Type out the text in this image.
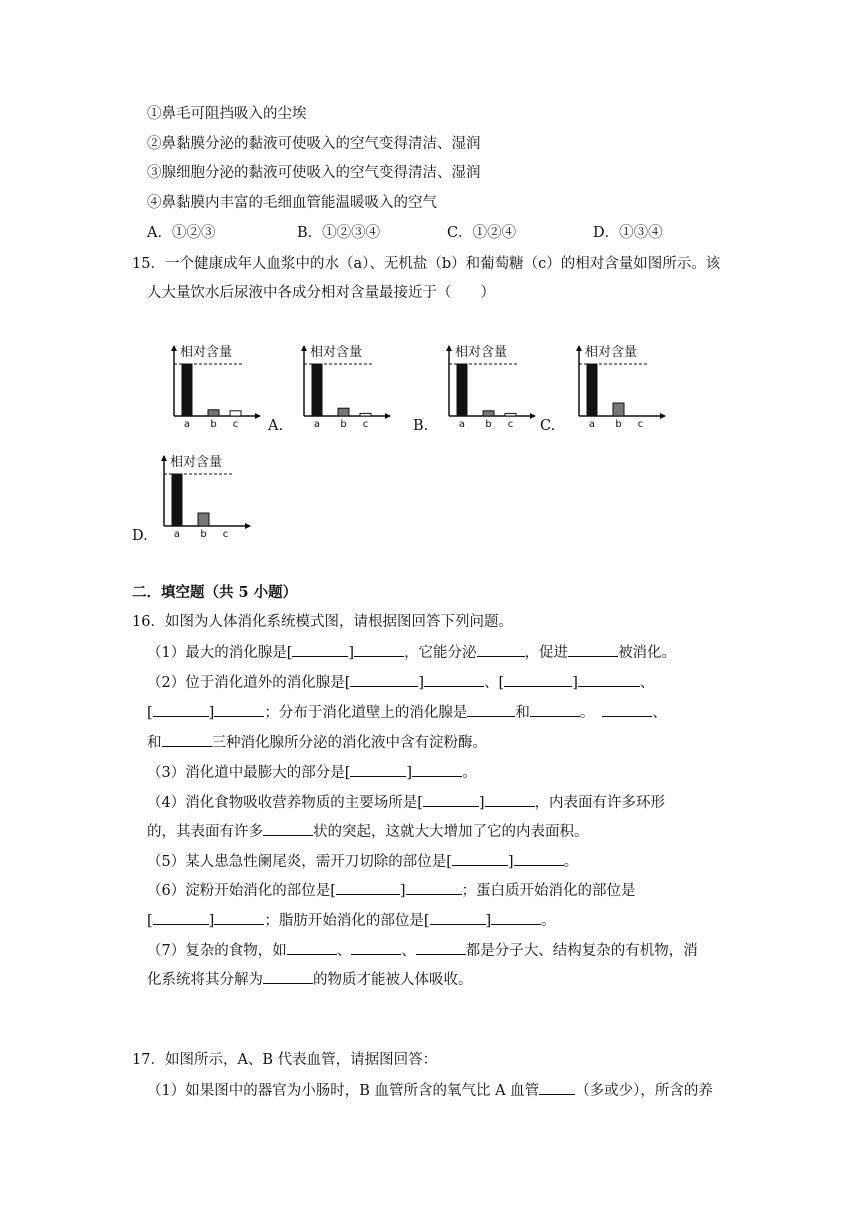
①鼻毛可阻挡吸入的尘埃
②鼻黏膜分泌的黏液可使吸入的空气变得清洁、湿润
③腺细胞分泌的黏液可使吸入的空气变得清洁、湿润
④鼻黏膜内丰富的毛细血管能温暖吸入的空气
A．①②③	B．①②③④	C．①②④	D．①③④
15．一个健康成年人血浆中的水（a）、无机盐（b）和葡萄糖（c）的相对含量如图所示。该
人大量饮水后尿液中各成分相对含量最接近于（　　）
相对含量
a b c A.
相对含量
a b c	B.
相对含量
a b c C.
相对含量
a b c
D.
相对含量
a b c
二．填空题（共 5 小题）
16．如图为人体消化系统模式图，请根据图回答下列问题。
（1）最大的消化腺是[	]	，它能分泌	，促进	被消化。
（2）位于消化道外的消化腺是[	]	、[	]	、
[	]	；分布于消化道壁上的消化腺是	和	。	、
和	三种消化腺所分泌的消化液中含有淀粉酶。
（3）消化道中最膨大的部分是[	]	。
（4）消化食物吸收营养物质的主要场所是[	]	，内表面有许多环形
的，其表面有许多	状的突起，这就大大增加了它的内表面积。
（5）某人患急性阑尾炎，需开刀切除的部位是[	]	。
（6）淀粉开始消化的部位是[	]	；蛋白质开始消化的部位是
[	]	；脂肪开始消化的部位是[	]	。
（7）复杂的食物，如	、	、	都是分子大、结构复杂的有机物，消
化系统将其分解为	的物质才能被人体吸收。
17．如图所示，A、B 代表血管，请据图回答：
（1）如果图中的器官为小肠时，B 血管所含的氧气比 A 血管 （多或少），所含的养
